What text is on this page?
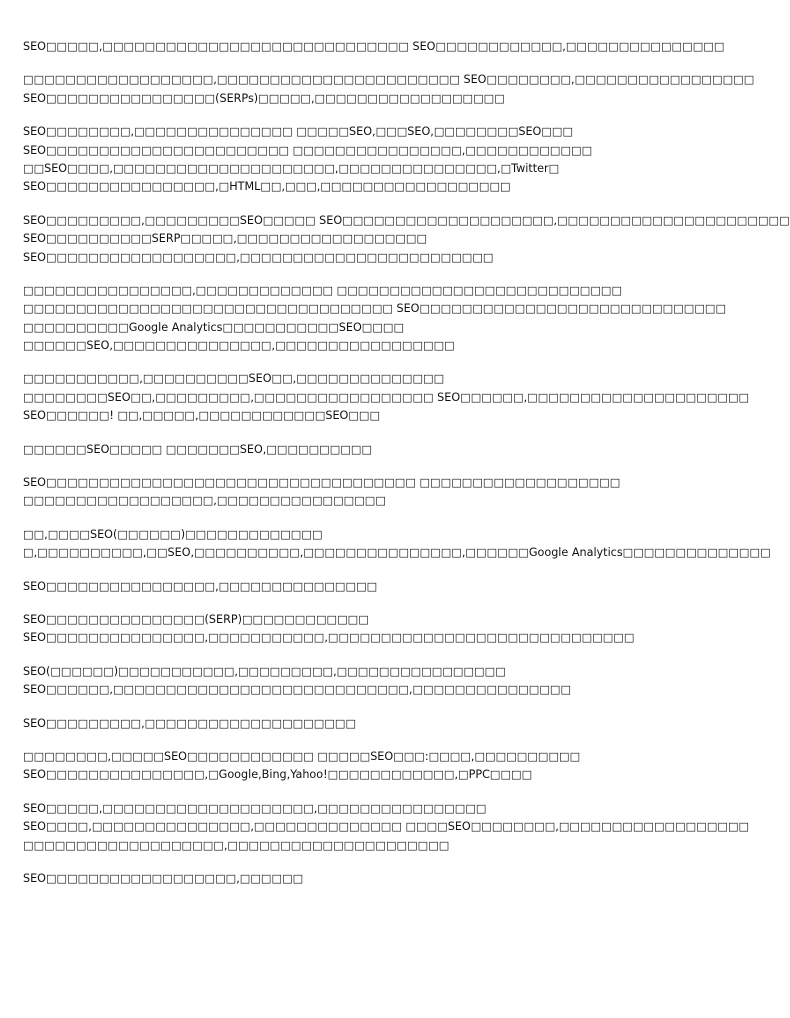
SEO□□□□□,□□□□□□□□□□□□□□□□□□□□□□□□□□□□□ SEO□□□□□□□□□□□□,□□□□□□□□□□□□□□□
□□□□□□□□□□□□□□□□□□,□□□□□□□□□□□□□□□□□□□□□□□ SEO□□□□□□□□,□□□□□□□□□□□□□□□□□
SEO□□□□□□□□□□□□□□□□(SERPs)□□□□□,□□□□□□□□□□□□□□□□□□
SEO□□□□□□□□,□□□□□□□□□□□□□□□ □□□□□SEO,□□□SEO,□□□□□□□□SEO□□□
SEO□□□□□□□□□□□□□□□□□□□□□□□ □□□□□□□□□□□□□□□□,□□□□□□□□□□□□
□□SEO□□□□,□□□□□□□□□□□□□□□□□□□□□,□□□□□□□□□□□□□□□,□Twitter□
SEO□□□□□□□□□□□□□□□□,□HTML□□,□□□,□□□□□□□□□□□□□□□□□□
SEO□□□□□□□□□,□□□□□□□□□SEO□□□□□ SEO□□□□□□□□□□□□□□□□□□□□,□□□□□□□□□□□□□□□□□□□□□□
SEO□□□□□□□□□□SERP□□□□□,□□□□□□□□□□□□□□□□□□
SEO□□□□□□□□□□□□□□□□□□,□□□□□□□□□□□□□□□□□□□□□□□□
□□□□□□□□□□□□□□□□,□□□□□□□□□□□□□ □□□□□□□□□□□□□□□□□□□□□□□□□□□
□□□□□□□□□□□□□□□□□□□□□□□□□□□□□□□□□□□ SEO□□□□□□□□□□□□□□□□□□□□□□□□□□□□□
□□□□□□□□□□Google Analytics□□□□□□□□□□□SEO□□□□
□□□□□□SEO,□□□□□□□□□□□□□□□,□□□□□□□□□□□□□□□□□
□□□□□□□□□□□,□□□□□□□□□□SEO□□,□□□□□□□□□□□□□□
□□□□□□□□SEO□□,□□□□□□□□□,□□□□□□□□□□□□□□□□□ SEO□□□□□□,□□□□□□□□□□□□□□□□□□□□□
SEO□□□□□□! □□,□□□□□,□□□□□□□□□□□□SEO□□□
□□□□□□SEO□□□□□ □□□□□□□SEO,□□□□□□□□□□
SEO□□□□□□□□□□□□□□□□□□□□□□□□□□□□□□□□□□□ □□□□□□□□□□□□□□□□□□□
□□□□□□□□□□□□□□□□□□,□□□□□□□□□□□□□□□□
□□,□□□□SEO(□□□□□□)□□□□□□□□□□□□□
□,□□□□□□□□□□,□□SEO,□□□□□□□□□□,□□□□□□□□□□□□□□□,□□□□□□Google Analytics□□□□□□□□□□□□□□
SEO□□□□□□□□□□□□□□□□,□□□□□□□□□□□□□□□
SEO□□□□□□□□□□□□□□□(SERP)□□□□□□□□□□□□
SEO□□□□□□□□□□□□□□□,□□□□□□□□□□□,□□□□□□□□□□□□□□□□□□□□□□□□□□□□□
SEO(□□□□□□)□□□□□□□□□□□,□□□□□□□□□,□□□□□□□□□□□□□□□□
SEO□□□□□□,□□□□□□□□□□□□□□□□□□□□□□□□□□□□,□□□□□□□□□□□□□□□
SEO□□□□□□□□□,□□□□□□□□□□□□□□□□□□□□
□□□□□□□□,□□□□□SEO□□□□□□□□□□□□ □□□□□SEO□□□:□□□□,□□□□□□□□□□
SEO□□□□□□□□□□□□□□□,□Google,Bing,Yahoo!□□□□□□□□□□□□,□PPC□□□□
SEO□□□□□,□□□□□□□□□□□□□□□□□□□□,□□□□□□□□□□□□□□□□
SEO□□□□,□□□□□□□□□□□□□□□,□□□□□□□□□□□□□□ □□□□SEO□□□□□□□□,□□□□□□□□□□□□□□□□□□
□□□□□□□□□□□□□□□□□□□,□□□□□□□□□□□□□□□□□□□□□
SEO□□□□□□□□□□□□□□□□□□,□□□□□□
